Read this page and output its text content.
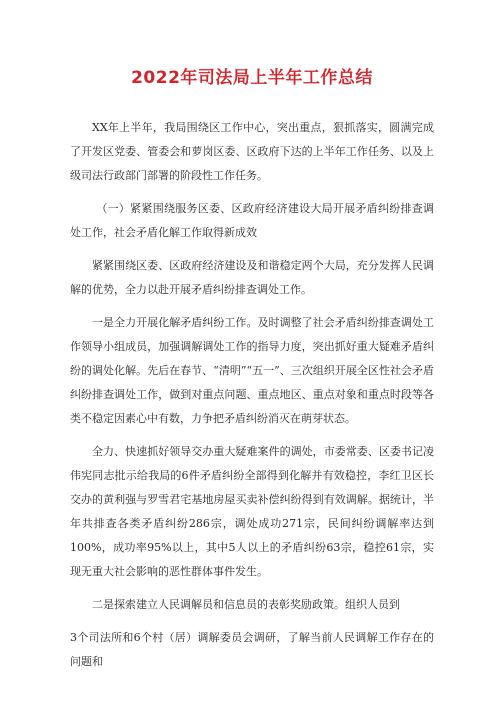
2022年司法局上半年工作总结

XX年上半年，我局围绕区工作中心，突出重点，狠抓落实，圆满完成了开发区党委、管委会和萝岗区委、区政府下达的上半年工作任务、以及上级司法行政部门部署的阶段性工作任务。

（一）紧紧围绕服务区委、区政府经济建设大局开展矛盾纠纷排查调处工作，社会矛盾化解工作取得新成效

紧紧围绕区委、区政府经济建设及和谐稳定两个大局，充分发挥人民调解的优势，全力以赴开展矛盾纠纷排查调处工作。

一是全力开展化解矛盾纠纷工作。及时调整了社会矛盾纠纷排查调处工作领导小组成员，加强调解调处工作的指导力度，突出抓好重大疑难矛盾纠纷的调处化解。先后在春节、“清明”“五一”、三次组织开展全区性社会矛盾纠纷排查调处工作，做到对重点问题、重点地区、重点对象和重点时段等各类不稳定因素心中有数，力争把矛盾纠纷消灭在萌芽状态。

全力、快速抓好领导交办重大疑难案件的调处，市委常委、区委书记凌伟宪同志批示给我局的6件矛盾纠纷全部得到化解并有效稳控，李红卫区长交办的黄利强与罗雪君宅基地房屋买卖补偿纠纷得到有效调解。据统计，半年共排查各类矛盾纠纷286宗，调处成功271宗，民间纠纷调解率达到100%，成功率95%以上，其中5人以上的矛盾纠纷63宗，稳控61宗，实现无重大社会影响的恶性群体事件发生。

二是探索建立人民调解员和信息员的表彰奖励政策。组织人员到

3个司法所和6个村（居）调解委员会调研，了解当前人民调解工作存在的问题和
